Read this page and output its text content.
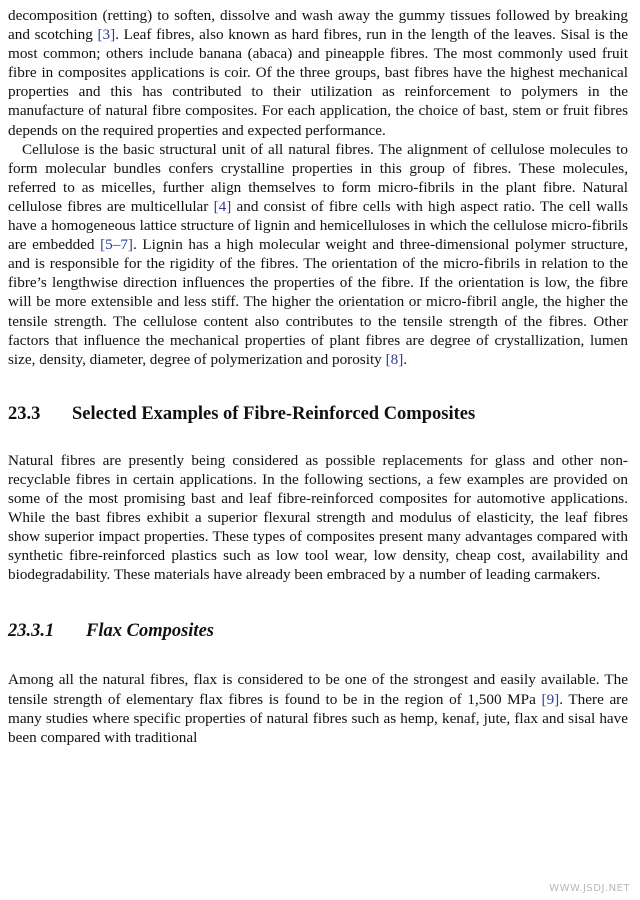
decomposition (retting) to soften, dissolve and wash away the gummy tissues followed by breaking and scotching [3]. Leaf fibres, also known as hard fibres, run in the length of the leaves. Sisal is the most common; others include banana (abaca) and pineapple fibres. The most commonly used fruit fibre in composites applications is coir. Of the three groups, bast fibres have the highest mechanical properties and this has contributed to their utilization as reinforcement to polymers in the manufacture of natural fibre composites. For each application, the choice of bast, stem or fruit fibres depends on the required properties and expected performance.

Cellulose is the basic structural unit of all natural fibres. The alignment of cellulose molecules to form molecular bundles confers crystalline properties in this group of fibres. These molecules, referred to as micelles, further align themselves to form micro-fibrils in the plant fibre. Natural cellulose fibres are multicellular [4] and consist of fibre cells with high aspect ratio. The cell walls have a homogeneous lattice structure of lignin and hemicelluloses in which the cellulose micro-fibrils are embedded [5–7]. Lignin has a high molecular weight and three-dimensional polymer structure, and is responsible for the rigidity of the fibres. The orientation of the micro-fibrils in relation to the fibre’s lengthwise direction influences the properties of the fibre. If the orientation is low, the fibre will be more extensible and less stiff. The higher the orientation or micro-fibril angle, the higher the tensile strength. The cellulose content also contributes to the tensile strength of the fibres. Other factors that influence the mechanical properties of plant fibres are degree of crystallization, lumen size, density, diameter, degree of polymerization and porosity [8].

23.3 Selected Examples of Fibre-Reinforced Composites

Natural fibres are presently being considered as possible replacements for glass and other non-recyclable fibres in certain applications. In the following sections, a few examples are provided on some of the most promising bast and leaf fibre-reinforced composites for automotive applications. While the bast fibres exhibit a superior flexural strength and modulus of elasticity, the leaf fibres show superior impact properties. These types of composites present many advantages compared with synthetic fibre-reinforced plastics such as low tool wear, low density, cheap cost, availability and biodegradability. These materials have already been embraced by a number of leading carmakers.

23.3.1 Flax Composites

Among all the natural fibres, flax is considered to be one of the strongest and easily available. The tensile strength of elementary flax fibres is found to be in the region of 1,500 MPa [9]. There are many studies where specific properties of natural fibres such as hemp, kenaf, jute, flax and sisal have been compared with traditional

WWW.JSDJ.NET
